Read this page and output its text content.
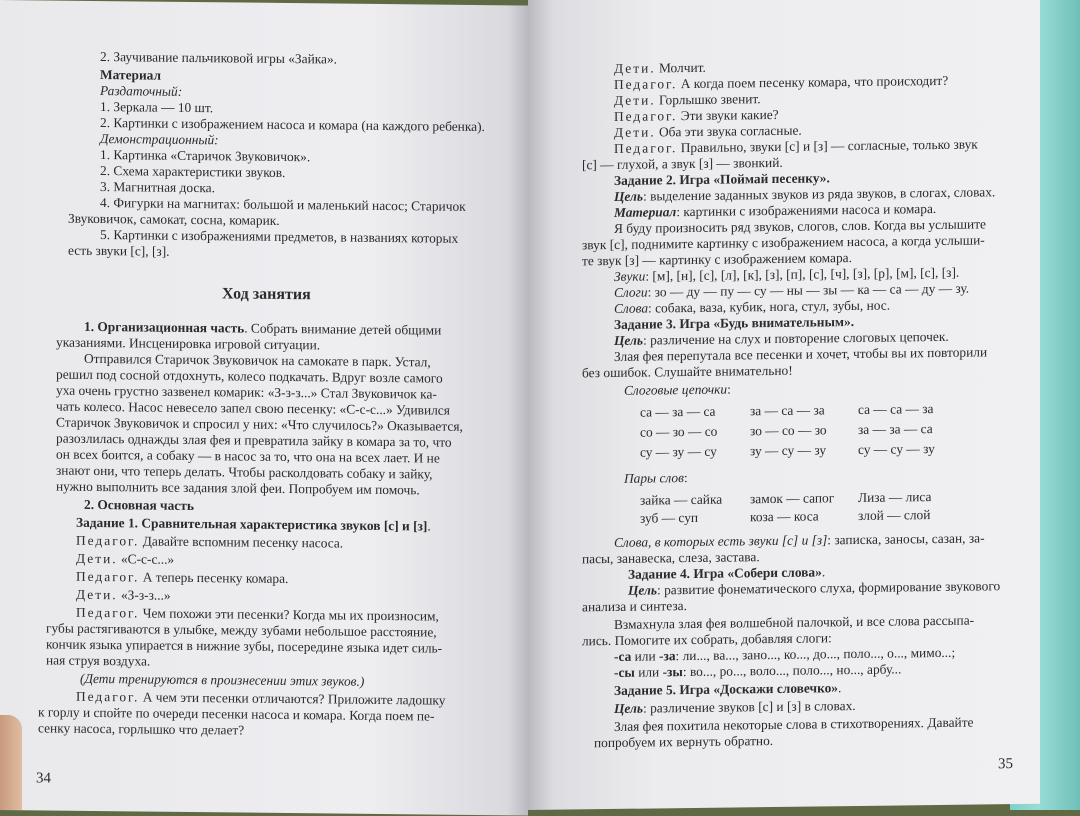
2. Заучивание пальчиковой игры «Зайка».
Материал
Раздаточный:
1. Зеркала — 10 шт.
2. Картинки с изображением насоса и комара (на каждого ребенка).
Демонстрационный:
1. Картинка «Старичок Звуковичок».
2. Схема характеристики звуков.
3. Магнитная доска.
4. Фигурки на магнитах: большой и маленький насос; Старичок
Звуковичок, самокат, сосна, комарик.
5. Картинки с изображениями предметов, в названиях которых
есть звуки [с], [з].
Ход занятия
1. Организационная часть. Собрать внимание детей общими
указаниями. Инсценировка игровой ситуации.
Отправился Старичок Звуковичок на самокате в парк. Устал,
решил под сосной отдохнуть, колесо подкачать. Вдруг возле самого
уха очень грустно зазвенел комарик: «З-з-з...» Стал Звуковичок ка-
чать колесо. Насос невесело запел свою песенку: «С-с-с...» Удивился
Старичок Звуковичок и спросил у них: «Что случилось?» Оказывается,
разозлилась однажды злая фея и превратила зайку в комара за то, что
он всех боится, а собаку — в насос за то, что она на всех лает. И не
знают они, что теперь делать. Чтобы расколдовать собаку и зайку,
нужно выполнить все задания злой феи. Попробуем им помочь.
2. Основная часть
Задание 1. Сравнительная характеристика звуков [с] и [з].
Педагог. Давайте вспомним песенку насоса.
Дети. «С-с-с...»
Педагог. А теперь песенку комара.
Дети. «З-з-з...»
Педагог. Чем похожи эти песенки? Когда мы их произносим,
губы растягиваются в улыбке, между зубами небольшое расстояние,
кончик языка упирается в нижние зубы, посередине языка идет силь-
ная струя воздуха.
(Дети тренируются в произнесении этих звуков.)
Педагог. А чем эти песенки отличаются? Приложите ладошку
к горлу и спойте по очереди песенки насоса и комара. Когда поем пе-
сенку насоса, горлышко что делает?
34
Дети. Молчит.
Педагог. А когда поем песенку комара, что происходит?
Дети. Горлышко звенит.
Педагог. Эти звуки какие?
Дети. Оба эти звука согласные.
Педагог. Правильно, звуки [с] и [з] — согласные, только звук
[с] — глухой, а звук [з] — звонкий.
Задание 2. Игра «Поймай песенку».
Цель: выделение заданных звуков из ряда звуков, в слогах, словах.
Материал: картинки с изображениями насоса и комара.
Я буду произносить ряд звуков, слогов, слов. Когда вы услышите
звук [с], поднимите картинку с изображением насоса, а когда услыши-
те звук [з] — картинку с изображением комара.
Звуки: [м], [н], [с], [л], [к], [з], [п], [с], [ч], [з], [р], [м], [с], [з].
Слоги: зо — ду — пу — су — ны — зы — ка — са — ду — зу.
Слова: собака, ваза, кубик, нога, стул, зубы, нос.
Задание 3. Игра «Будь внимательным».
Цель: различение на слух и повторение слоговых цепочек.
Злая фея перепутала все песенки и хочет, чтобы вы их повторили
без ошибок. Слушайте внимательно!
Слоговые цепочки:
са — за — са	за — са — за са — са — за
со — зо — со зо — со — зо за — за — са
су — зу — су зу — су — зу су — су — зу
Пары слов:
зайка — сайка замок — сапог Лиза — лиса
зуб — суп	коза — коса	злой — слой
Слова, в которых есть звуки [с] и [з]: записка, заносы, сазан, за-
пасы, занавеска, слеза, застава.
Задание 4. Игра «Собери слова».
Цель: развитие фонематического слуха, формирование звукового
анализа и синтеза.
Взмахнула злая фея волшебной палочкой, и все слова рассыпа-
лись. Помогите их собрать, добавляя слоги:
-са или -за: ли..., ва..., зано..., ко..., до..., поло..., о..., мимо...;
-сы или -зы: во..., ро..., воло..., поло..., но..., арбу...
Задание 5. Игра «Доскажи словечко».
Цель: различение звуков [с] и [з] в словах.
Злая фея похитила некоторые слова в стихотворениях. Давайте
попробуем их вернуть обратно.
35
